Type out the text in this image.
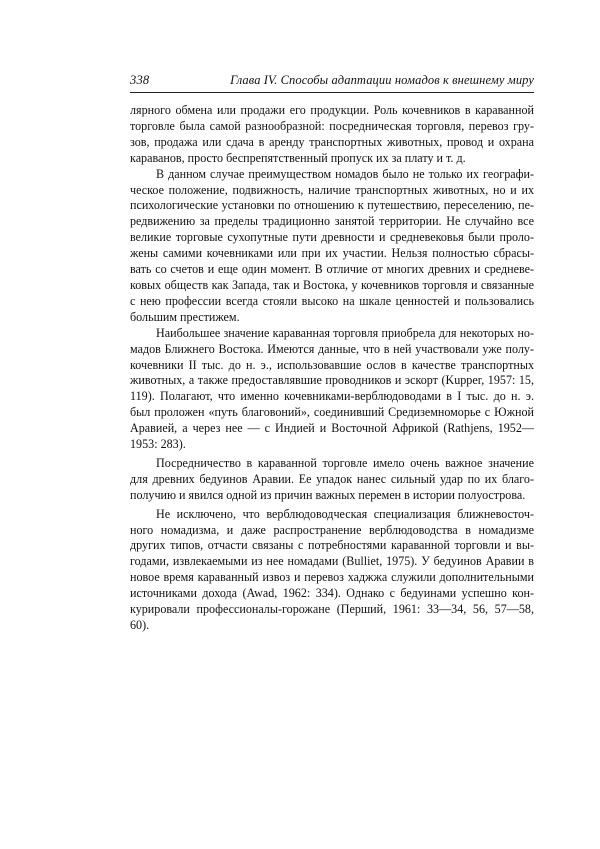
338	Глава IV. Способы адаптации номадов к внешнему миру

лярного обмена или продажи его продукции. Роль кочевников в караванной торговле была самой разнообразной: посредническая торговля, перевоз грузов, продажа или сдача в аренду транспортных животных, провод и охрана караванов, просто беспрепятственный пропуск их за плату и т. д.

В данном случае преимуществом номадов было не только их географическое положение, подвижность, наличие транспортных животных, но и их психологические установки по отношению к путешествию, переселению, передвижению за пределы традиционно занятой территории. Не случайно все великие торговые сухопутные пути древности и средневековья были проложены самими кочевниками или при их участии. Нельзя полностью сбрасывать со счетов и еще один момент. В отличие от многих древних и средневековых обществ как Запада, так и Востока, у кочевников торговля и связанные с нею профессии всегда стояли высоко на шкале ценностей и пользовались большим престижем.

Наибольшее значение караванная торговля приобрела для некоторых номадов Ближнего Востока. Имеются данные, что в ней участвовали уже полукочевники II тыс. до н. э., использовавшие ослов в качестве транспортных животных, а также предоставлявшие проводников и эскорт (Kupper, 1957: 15, 119). Полагают, что именно кочевниками-верблюдоводами в I тыс. до н. э. был проложен «путь благовоний», соединивший Средиземноморье с Южной Аравией, а через нее — с Индией и Восточной Африкой (Rathjens, 1952—1953: 283).

Посредничество в караванной торговле имело очень важное значение для древних бедуинов Аравии. Ее упадок нанес сильный удар по их благополучию и явился одной из причин важных перемен в истории полуострова.

Не исключено, что верблюдоводческая специализация ближневосточного номадизма, и даже распространение верблюдоводства в номадизме других типов, отчасти связаны с потребностями караванной торговли и выгодами, извлекаемыми из нее номадами (Bulliet, 1975). У бедуинов Аравии в новое время караванный извоз и перевоз хаджжа служили дополнительными источниками дохода (Awad, 1962: 334). Однако с бедуинами успешно конкурировали профессионалы-горожане (Перший, 1961: 33—34, 56, 57—58, 60).
